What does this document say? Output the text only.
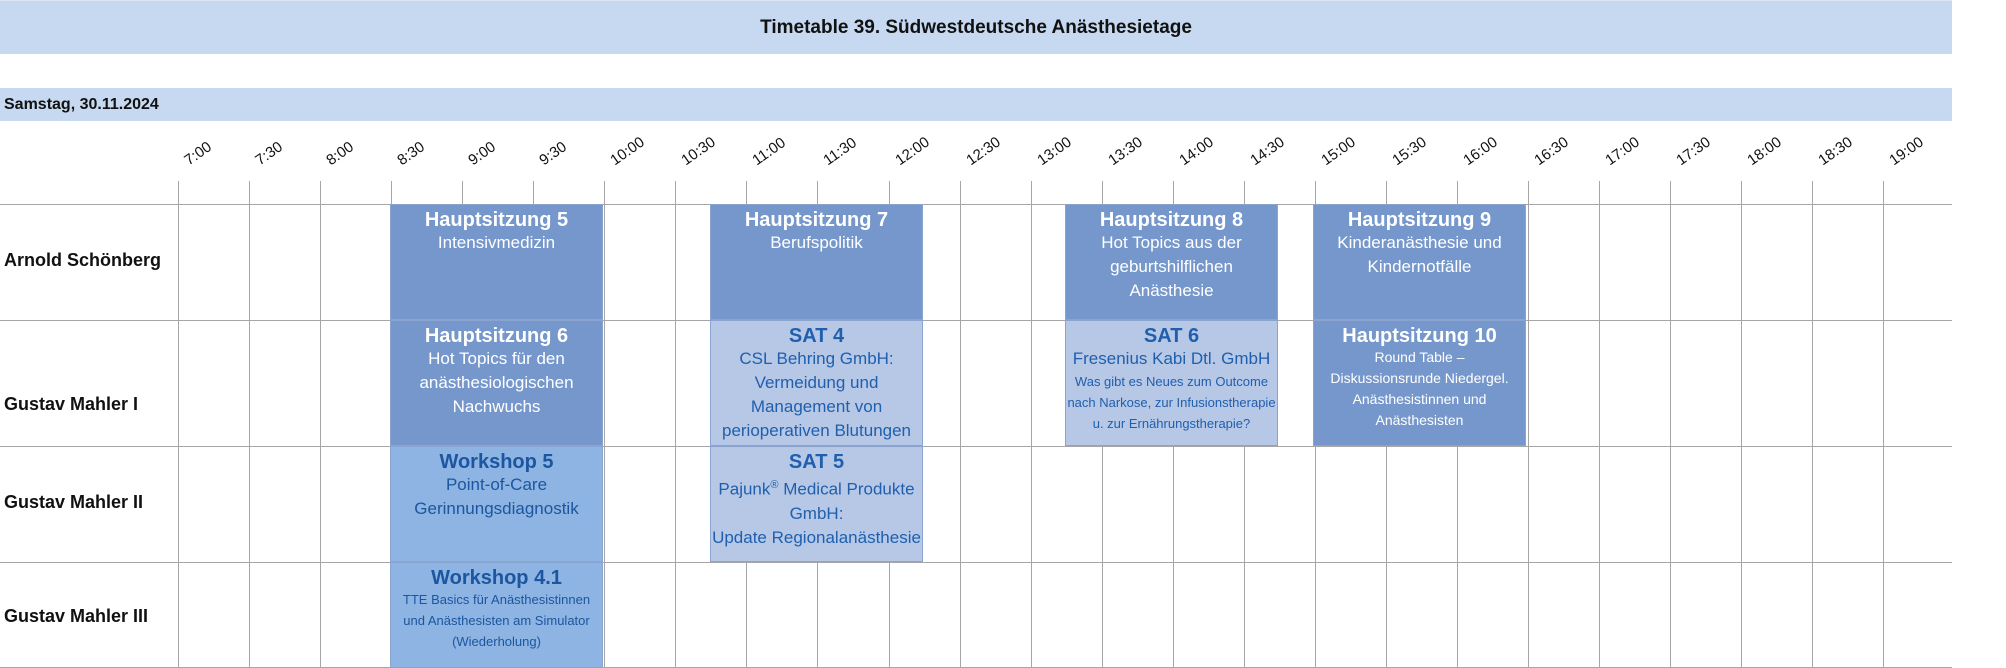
Timetable 39. Südwestdeutsche Anästhesietage
Samstag, 30.11.2024
7:00 7:30 8:00 8:30 9:00 9:30 10:00 10:30 11:00 11:30 12:00 12:30 13:00 13:30 14:00 14:30 15:00 15:30 16:00 16:30 17:00 17:30 18:00 18:30 19:00
Arnold Schönberg
Gustav Mahler I
Gustav Mahler II
Gustav Mahler III
Hauptsitzung 5
Intensivmedizin
Hauptsitzung 7
Berufspolitik
Hauptsitzung 8
Hot Topics aus der
geburtshilflichen
Anästhesie
Hauptsitzung 9
Kinderanästhesie und
Kindernotfälle
Hauptsitzung 6
Hot Topics für den
anästhesiologischen
Nachwuchs
SAT 4
CSL Behring GmbH:
Vermeidung und
Management von
perioperativen Blutungen
SAT 6
Fresenius Kabi Dtl. GmbH
Was gibt es Neues zum Outcome
nach Narkose, zur Infusionstherapie
u. zur Ernährungstherapie?
Hauptsitzung 10
Round Table –
Diskussionsrunde Niedergel.
Anästhesistinnen und
Anästhesisten
Workshop 5
Point-of-Care
Gerinnungsdiagnostik
SAT 5
Pajunk® Medical Produkte
GmbH:
Update Regionalanästhesie
Workshop 4.1
TTE Basics für Anästhesistinnen
und Anästhesisten am Simulator
(Wiederholung)
